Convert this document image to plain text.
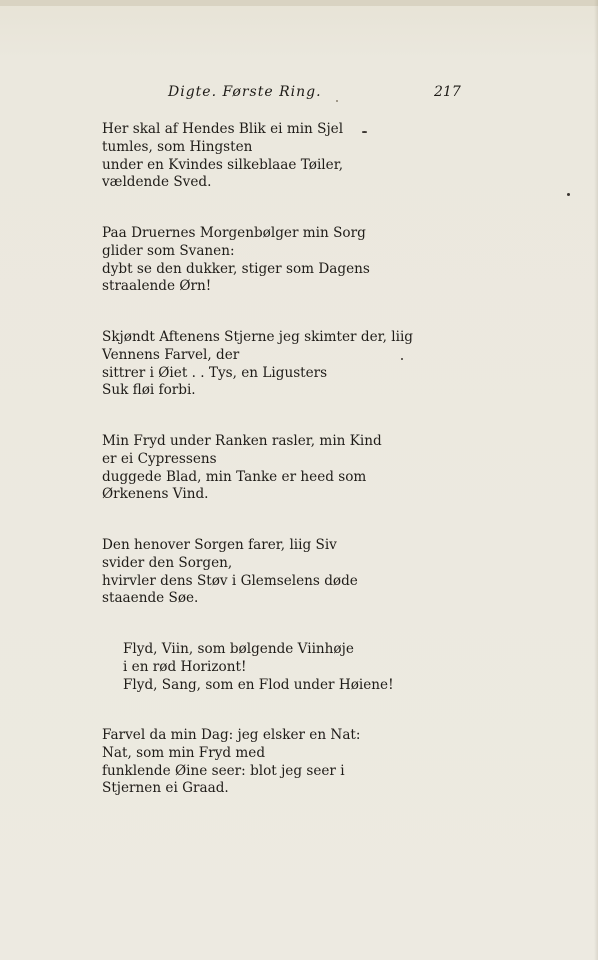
Digte. Første Ring.	217
Her skal af Hendes Blik ei min Sjel
tumles, som Hingsten
under en Kvindes silkeblaae Tøiler,
vældende Sved.
Paa Druernes Morgenbølger min Sorg
glider som Svanen:
dybt se den dukker, stiger som Dagens
straalende Ørn!
Skjøndt Aftenens Stjerne jeg skimter der, liig
Vennens Farvel, der
sittrer i Øiet . . Tys, en Ligusters
Suk fløi forbi.
Min Fryd under Ranken rasler, min Kind
er ei Cypressens
duggede Blad, min Tanke er heed som
Ørkenens Vind.
Den henover Sorgen farer, liig Siv
svider den Sorgen,
hvirvler dens Støv i Glemselens døde
staaende Søe.
Flyd, Viin, som bølgende Viinhøje
i en rød Horizont!
Flyd, Sang, som en Flod under Høiene!
Farvel da min Dag: jeg elsker en Nat:
Nat, som min Fryd med
funklende Øine seer: blot jeg seer i
Stjernen ei Graad.
